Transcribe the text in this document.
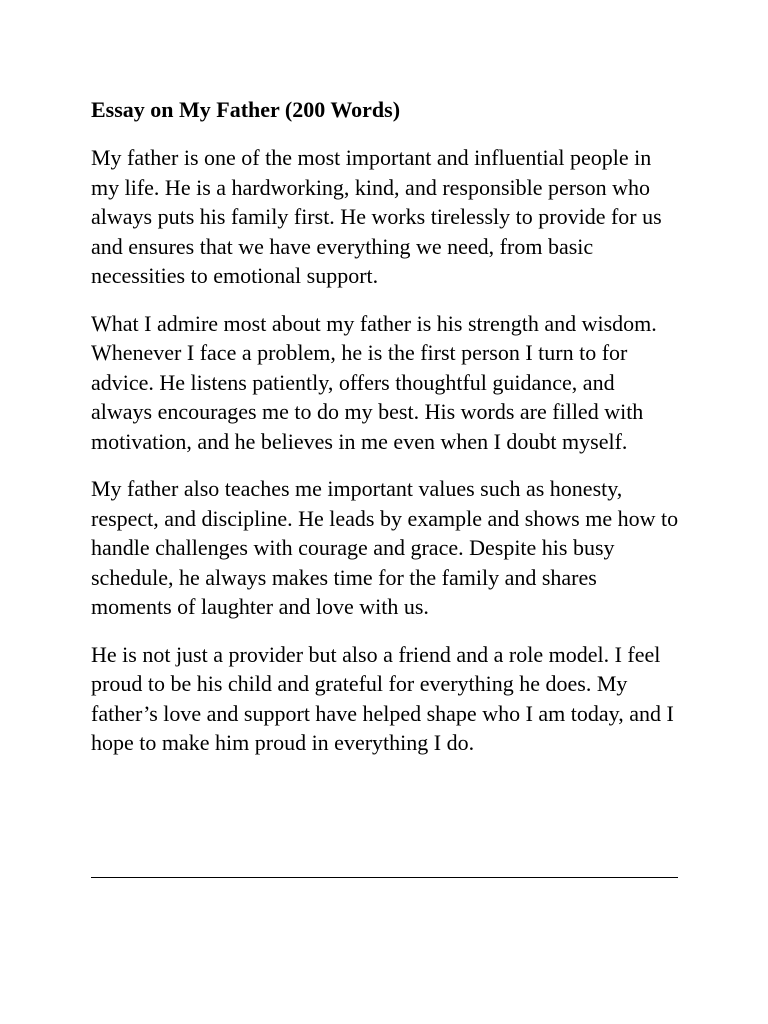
Essay on My Father (200 Words)

My father is one of the most important and influential people in my life. He is a hardworking, kind, and responsible person who always puts his family first. He works tirelessly to provide for us and ensures that we have everything we need, from basic necessities to emotional support.

What I admire most about my father is his strength and wisdom. Whenever I face a problem, he is the first person I turn to for advice. He listens patiently, offers thoughtful guidance, and always encourages me to do my best. His words are filled with motivation, and he believes in me even when I doubt myself.

My father also teaches me important values such as honesty, respect, and discipline. He leads by example and shows me how to handle challenges with courage and grace. Despite his busy schedule, he always makes time for the family and shares moments of laughter and love with us.

He is not just a provider but also a friend and a role model. I feel proud to be his child and grateful for everything he does. My father’s love and support have helped shape who I am today, and I hope to make him proud in everything I do.
